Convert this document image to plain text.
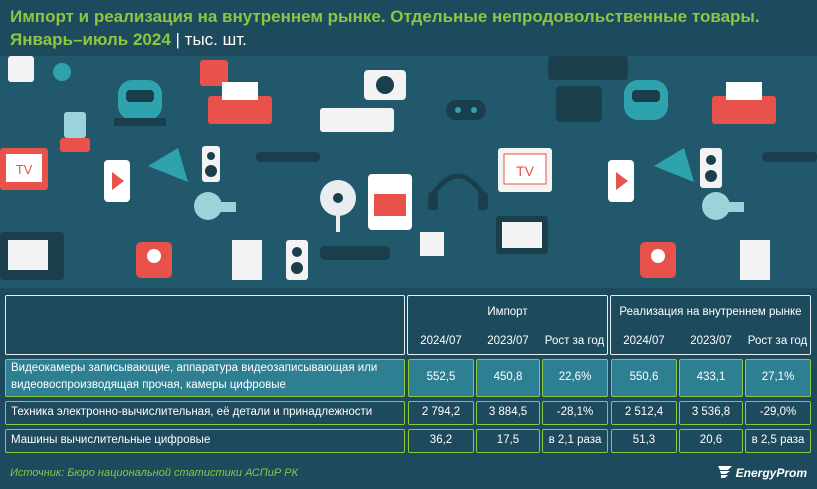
Импорт и реализация на внутреннем рынке. Отдельные непродовольственные товары.
Январь–июль 2024 | тыс. шт.
TV	TV
Импорт	Реализация на внутреннем рынке
2024/07	2023/07	Рост за год	2024/07	2023/07	Рост за год
Видеокамеры записывающие, аппаратура видеозаписывающая или
видеовоспроизводящая прочая, камеры цифровые
552,5	450,8	22,6%	550,6	433,1	27,1%
Техника электронно-вычислительная, её детали и принадлежности	2 794,2	3 884,5	-28,1%	2 512,4	3 536,8	-29,0%
Машины вычислительные цифровые	36,2	17,5	в 2,1 раза	51,3	20,6	в 2,5 раза
Источник: Бюро национальной статистики АСПиР РК	EnergyProm
